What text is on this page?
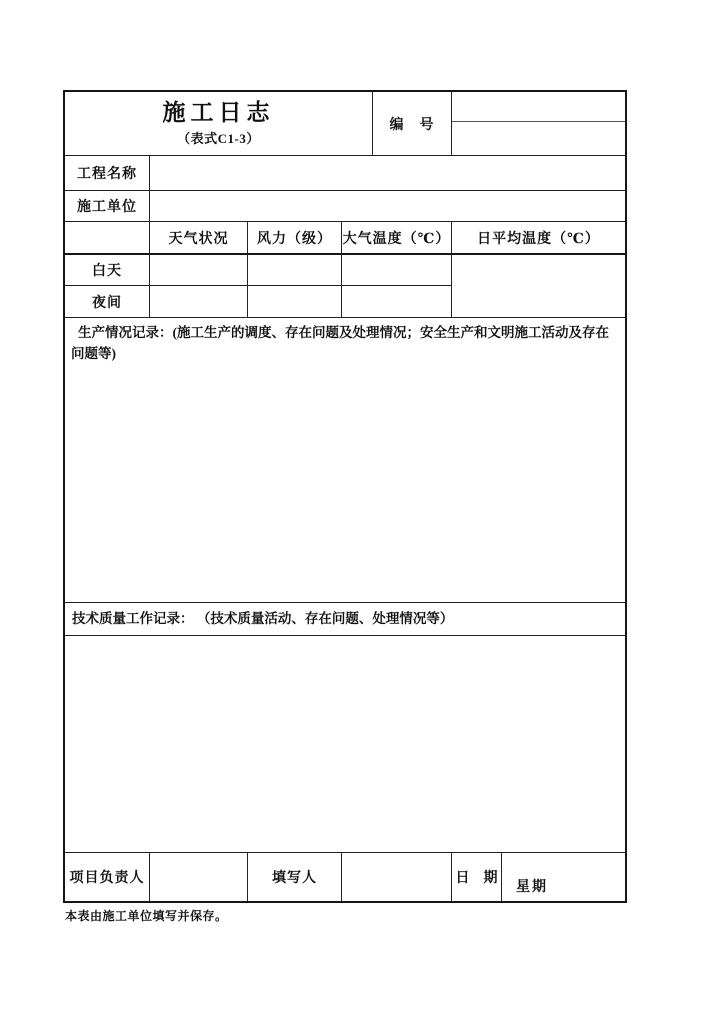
施工日志
（表式C1-3）
编　号
工程名称
施工单位
天气状况 风力（级） 大气温度（℃） 日平均温度（℃）
白天
夜间

生产情况记录：(施工生产的调度、存在问题及处理情况；安全生产和文明施工活动及存在问题等)

技术质量工作记录： （技术质量活动、存在问题、处理情况等）

项目负责人	填写人	日　期
星期
本表由施工单位填写并保存。
